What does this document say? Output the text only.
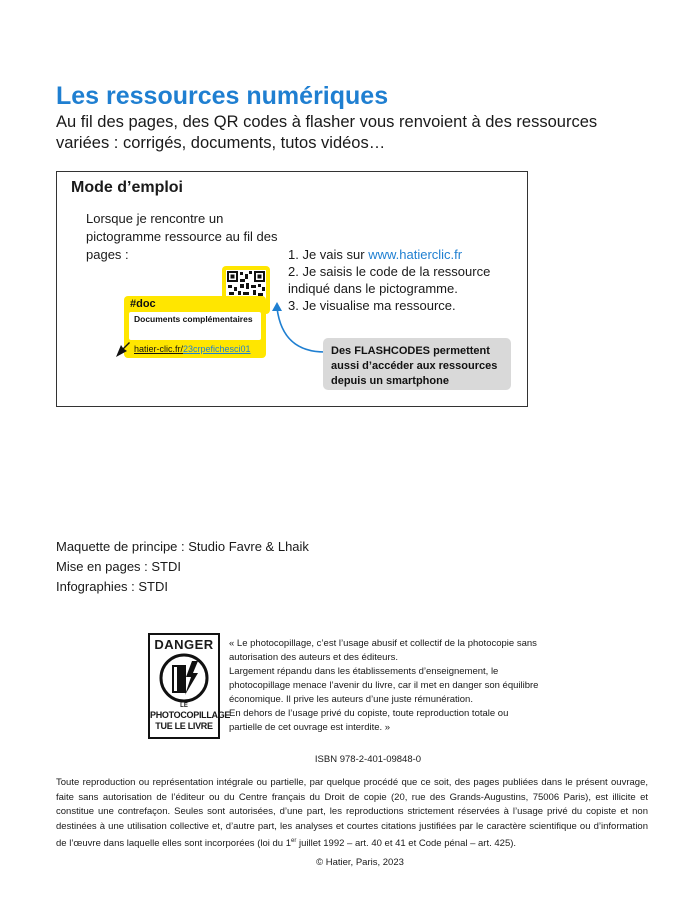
Les ressources numériques
Au fil des pages, des QR codes à flasher vous renvoient à des ressources variées : corrigés, documents, tutos vidéos…
Mode d’emploi
Lorsque je rencontre un pictogramme ressource au fil des pages :	1. Je vais sur www.hatierclic.fr
2. Je saisis le code de la ressource indiqué dans le pictogramme.
3. Je visualise ma ressource.
#doc
Documents complémentaires
hatier-clic.fr/23crpefichesci01	Des FLASHCODES permettent aussi d’accéder aux ressources depuis un smartphone
Maquette de principe : Studio Favre & Lhaik
Mise en pages : STDI
Infographies : STDI
DANGER
LE
PHOTOCOPILLAGE
TUE LE LIVRE

« Le photocopillage, c’est l’usage abusif et collectif de la photocopie sans autorisation des auteurs et des éditeurs.

Largement répandu dans les établissements d’enseignement, le photocopillage menace l’avenir du livre, car il met en danger son équilibre économique. Il prive les auteurs d’une juste rémunération.

En dehors de l’usage privé du copiste, toute reproduction totale ou partielle de cet ouvrage est interdite. »

ISBN 978-2-401-09848-0
Toute reproduction ou représentation intégrale ou partielle, par quelque procédé que ce soit, des pages publiées dans le présent ouvrage, faite sans autorisation de l’éditeur ou du Centre français du Droit de copie (20, rue des Grands-Augustins, 75006 Paris), est illicite et constitue une contrefaçon. Seules sont autorisées, d’une part, les reproductions strictement réservées à l’usage privé du copiste et non destinées à une utilisation collective et, d’autre part, les analyses et courtes citations justifiées par le caractère scientifique ou d’information de l’œuvre dans laquelle elles sont incorporées (loi du 1er juillet 1992 – art. 40 et 41 et Code pénal – art. 425).
© Hatier, Paris, 2023
